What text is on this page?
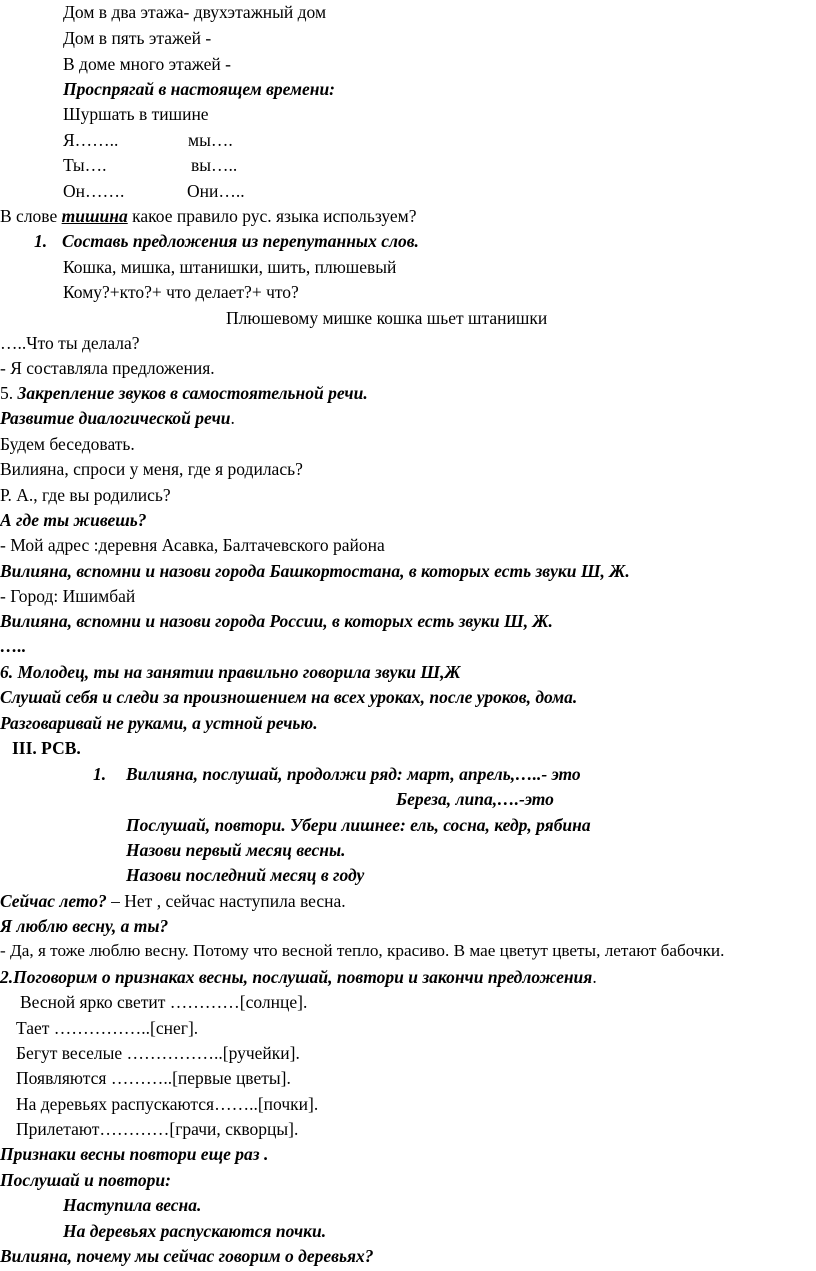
Дом в два этажа- двухэтажный дом
Дом в пять этажей -
В доме много этажей -
Проспрягай в настоящем времени:
Шуршать в тишине
Я……..	мы….
Ты….	вы…..
Он…….	Они…..
В слове тишина какое правило рус. языка используем?
1. Составь предложения из перепутанных слов.
Кошка, мишка, штанишки, шить, плюшевый
Кому?+кто?+ что делает?+ что?
Плюшевому мишке кошка шьет штанишки
…..Что ты делала?
- Я составляла предложения.
5. Закрепление звуков в самостоятельной речи.
Развитие диалогической речи.
Будем беседовать.
Вилияна, спроси у меня, где я родилась?
Р. А., где вы родились?
А где ты живешь?
- Мой адрес :деревня Асавка, Балтачевского района
Вилияна, вспомни и назови города Башкортостана, в которых есть звуки Ш, Ж.
- Город: Ишимбай
Вилияна, вспомни и назови города России, в которых есть звуки Ш, Ж.
…..
6. Молодец, ты на занятии правильно говорила звуки Ш,Ж
Слушай себя и следи за произношением на всех уроках, после уроков, дома.
Разговаривай не руками, а устной речью.
III. РСВ.
1. Вилияна, послушай, продолжи ряд: март, апрель,…..- это
Береза, липа,….-это
Послушай, повтори. Убери лишнее: ель, сосна, кедр, рябина
Назови первый месяц весны.
Назови последний месяц в году
Сейчас лето? – Нет , сейчас наступила весна.
Я люблю весну, а ты?
- Да, я тоже люблю весну. Потому что весной тепло, красиво. В мае цветут цветы, летают бабочки.
2.Поговорим о признаках весны, послушай, повтори и закончи предложения.
Весной ярко светит …………[солнце].
Тает ……………..[снег].
Бегут веселые ……………..[ручейки].
Появляются ………..[первые цветы].
На деревьях распускаются……..[почки].
Прилетают…………[грачи, скворцы].
Признаки весны повтори еще раз .
Послушай и повтори:
Наступила весна.
На деревьях распускаются почки.
Вилияна, почему мы сейчас говорим о деревьях?
